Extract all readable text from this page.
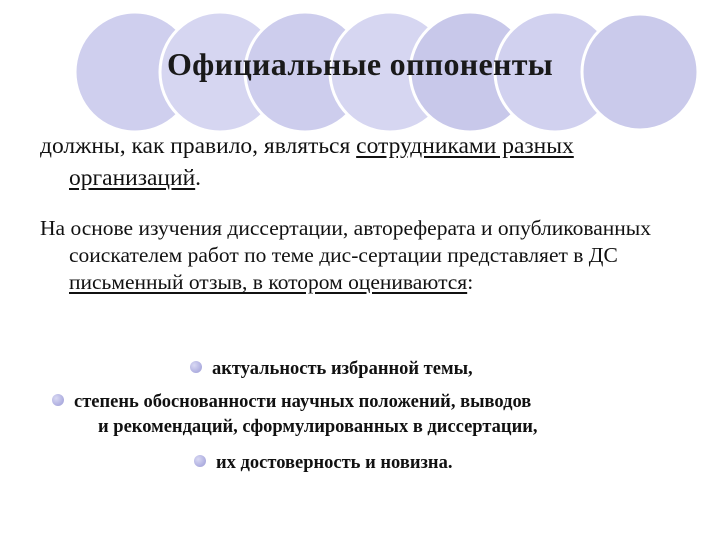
Официальные оппоненты
должны, как правило, являться сотрудниками разных организаций.
На основе изучения диссертации, автореферата и опубликованных соискателем работ по теме дис-сертации представляет в ДС письменный отзыв, в котором оцениваются:
актуальность избранной темы,
степень обоснованности научных положений, выводов
и рекомендаций, сформулированных в диссертации,
их достоверность и новизна.
